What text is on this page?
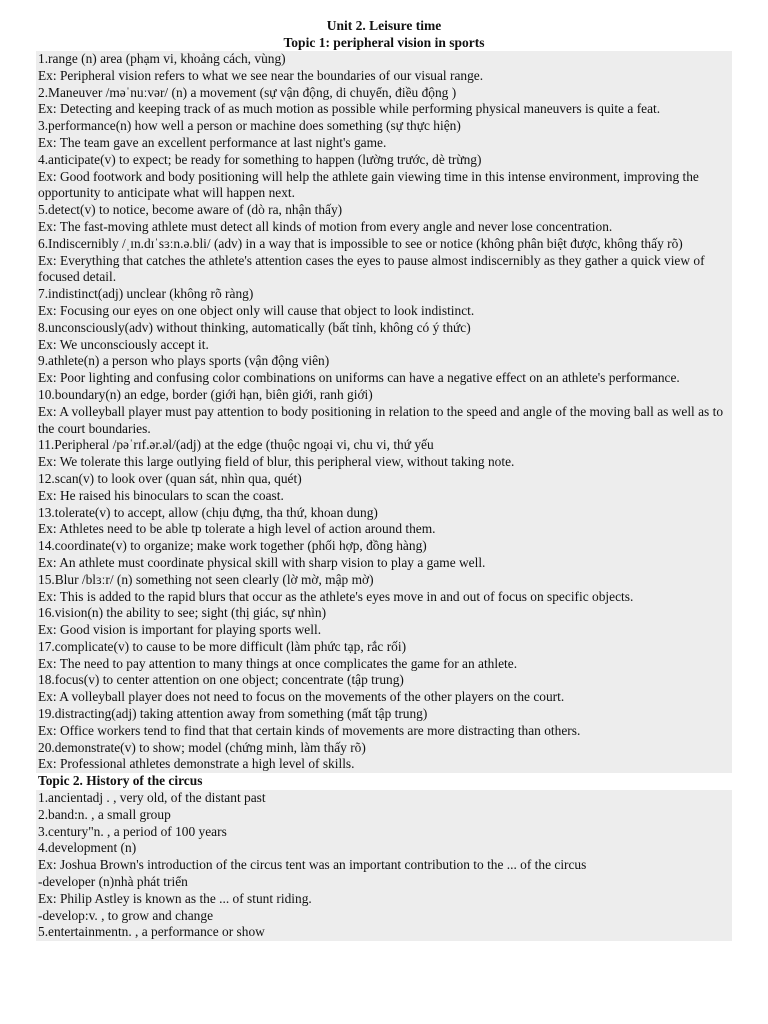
Unit 2. Leisure time
Topic 1: peripheral vision in sports

1.range (n) area (phạm vi, khoảng cách, vùng)

Ex: Peripheral vision refers to what we see near the boundaries of our visual range.

2.Maneuver /məˈnuːvər/ (n) a movement (sự vận động, di chuyển, điều động )

Ex: Detecting and keeping track of as much motion as possible while performing physical maneuvers is quite a feat.

3.performance(n) how well a person or machine does something (sự thực hiện)

Ex: The team gave an excellent performance at last night's game.

4.anticipate(v) to expect; be ready for something to happen (lường trước, dè trừng)

Ex: Good footwork and body positioning will help the athlete gain viewing time in this intense environment, improving the opportunity to anticipate what will happen next.

5.detect(v) to notice, become aware of (dò ra, nhận thấy)

Ex: The fast-moving athlete must detect all kinds of motion from every angle and never lose concentration.

6.Indiscernibly /ˌɪn.dɪˈsɜːn.ə.bli/ (adv) in a way that is impossible to see or notice (không phân biệt được, không thấy rõ)

Ex: Everything that catches the athlete's attention cases the eyes to pause almost indiscernibly as they gather a quick view of focused detail.

7.indistinct(adj) unclear (không rõ ràng)

Ex: Focusing our eyes on one object only will cause that object to look indistinct.

8.unconsciously(adv) without thinking, automatically (bất tỉnh, không có ý thức)

Ex: We unconsciously accept it.

9.athlete(n) a person who plays sports (vận động viên)

Ex: Poor lighting and confusing color combinations on uniforms can have a negative effect on an athlete's performance.

10.boundary(n) an edge, border (giới hạn, biên giới, ranh giới)

Ex: A volleyball player must pay attention to body positioning in relation to the speed and angle of the moving ball as well as to the court boundaries.

11.Peripheral /pəˈrɪf.ər.əl/(adj) at the edge (thuộc ngoại vi, chu vi, thứ yếu

Ex: We tolerate this large outlying field of blur, this peripheral view, without taking note.

12.scan(v) to look over (quan sát, nhìn qua, quét)

Ex: He raised his binoculars to scan the coast.

13.tolerate(v) to accept, allow (chịu đựng, tha thứ, khoan dung)

Ex: Athletes need to be able tp tolerate a high level of action around them.

14.coordinate(v) to organize; make work together (phối hợp, đồng hàng)

Ex: An athlete must coordinate physical skill with sharp vision to play a game well.

15.Blur /blɜːr/ (n) something not seen clearly (lờ mờ, mập mờ)

Ex: This is added to the rapid blurs that occur as the athlete's eyes move in and out of focus on specific objects.

16.vision(n) the ability to see; sight (thị giác, sự nhìn)

Ex: Good vision is important for playing sports well.

17.complicate(v) to cause to be more difficult (làm phức tạp, rắc rối)

Ex: The need to pay attention to many things at once complicates the game for an athlete.

18.focus(v) to center attention on one object; concentrate (tập trung)

Ex: A volleyball player does not need to focus on the movements of the other players on the court.

19.distracting(adj) taking attention away from something (mất tập trung)

Ex: Office workers tend to find that that certain kinds of movements are more distracting than others.

20.demonstrate(v) to show; model (chứng minh, làm thấy rõ)

Ex: Professional athletes demonstrate a high level of skills.

Topic 2. History of the circus

1.ancientadj . , very old, of the distant past

2.band:n. , a small group

3.century"n. , a period of 100 years

4.development (n)

Ex: Joshua Brown's introduction of the circus tent was an important contribution to the ... of the circus

-developer (n)nhà phát triển

Ex: Philip Astley is known as the ... of stunt riding.

-develop:v. , to grow and change

5.entertainmentn. , a performance or show
